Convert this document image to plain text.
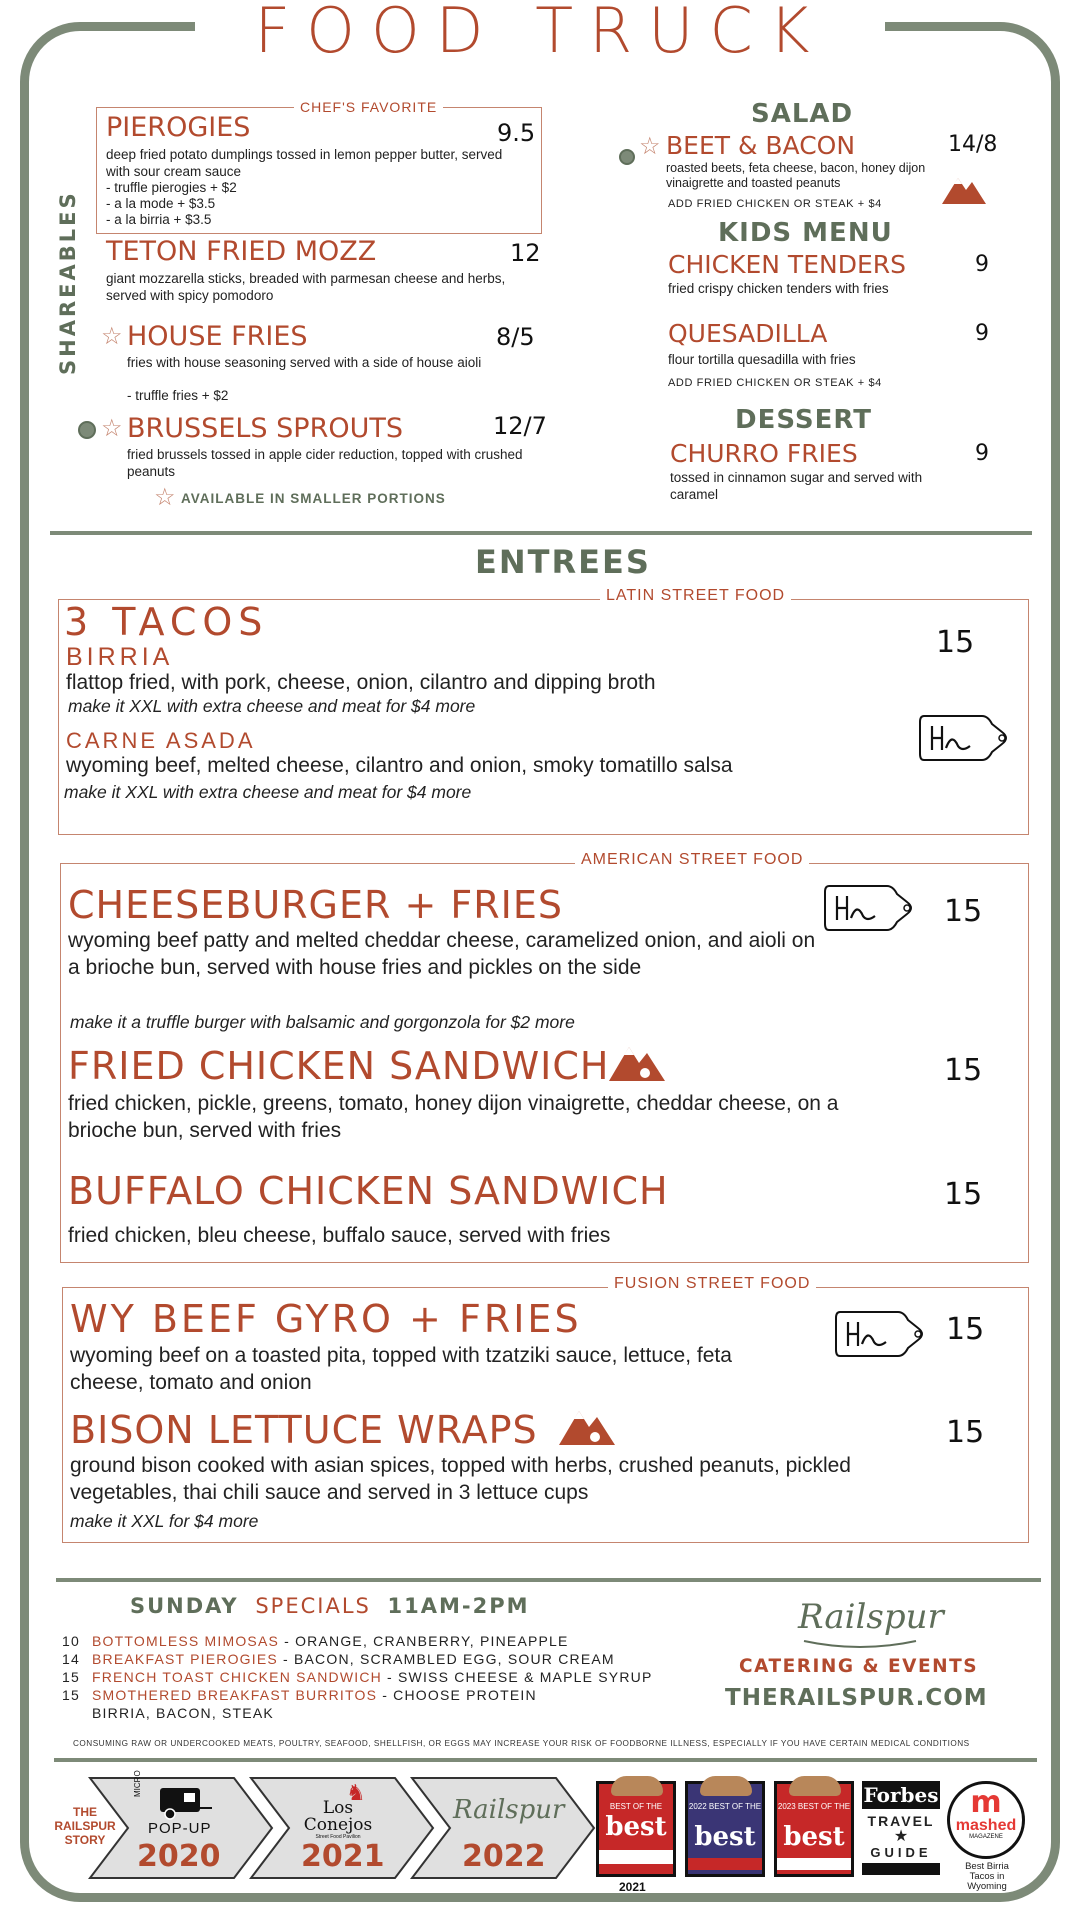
FOOD TRUCK
SHAREABLES
CHEF'S FAVORITE
PIEROGIES	9.5
deep fried potato dumplings tossed in lemon pepper butter, served with sour cream sauce
- truffle pierogies + $2
- a la mode + $3.5
- a la birria + $3.5
TETON FRIED MOZZ	12
giant mozzarella sticks, breaded with parmesan cheese and herbs, served with spicy pomodoro
☆ HOUSE FRIES	8/5
fries with house seasoning served with a side of house aioli
- truffle fries + $2
☆ BRUSSELS SPROUTS	12/7
fried brussels tossed in apple cider reduction, topped with crushed peanuts
☆ AVAILABLE IN SMALLER PORTIONS
SALAD
☆ BEET & BACON	14/8
roasted beets, feta cheese, bacon, honey dijon vinaigrette and toasted peanuts
ADD FRIED CHICKEN OR STEAK + $4
KIDS MENU
CHICKEN TENDERS	9
fried crispy chicken tenders with fries
QUESADILLA	9
flour tortilla quesadilla with fries
ADD FRIED CHICKEN OR STEAK + $4
DESSERT
CHURRO FRIES	9
tossed in cinnamon sugar and served with caramel
ENTREES
LATIN STREET FOOD
3 TACOS	15
BIRRIA
flattop fried, with pork, cheese, onion, cilantro and dipping broth
make it XXL with extra cheese and meat for $4 more
CARNE ASADA
wyoming beef, melted cheese, cilantro and onion, smoky tomatillo salsa
make it XXL with extra cheese and meat for $4 more
AMERICAN STREET FOOD
CHEESEBURGER + FRIES	15
wyoming beef patty and melted cheddar cheese, caramelized onion, and aioli on a brioche bun, served with house fries and pickles on the side
make it a truffle burger with balsamic and gorgonzola for $2 more
FRIED CHICKEN SANDWICH	15
fried chicken, pickle, greens, tomato, honey dijon vinaigrette, cheddar cheese, on a brioche bun, served with fries
BUFFALO CHICKEN SANDWICH	15
fried chicken, bleu cheese, buffalo sauce, served with fries
FUSION STREET FOOD
WY BEEF GYRO + FRIES	15
wyoming beef on a toasted pita, topped with tzatziki sauce, lettuce, feta cheese, tomato and onion
BISON LETTUCE WRAPS	15
ground bison cooked with asian spices, topped with herbs, crushed peanuts, pickled vegetables, thai chili sauce and served in 3 lettuce cups
make it XXL for $4 more
SUNDAY SPECIALS 11AM-2PM
10 BOTTOMLESS MIMOSAS - ORANGE, CRANBERRY, PINEAPPLE
14 BREAKFAST PIEROGIES - BACON, SCRAMBLED EGG, SOUR CREAM
15 FRENCH TOAST CHICKEN SANDWICH - SWISS CHEESE & MAPLE SYRUP
15 SMOTHERED BREAKFAST BURRITOS - CHOOSE PROTEIN
BIRRIA, BACON, STEAK
Railspur
CATERING & EVENTS
THERAILSPUR.COM
CONSUMING RAW OR UNDERCOOKED MEATS, POULTRY, SEAFOOD, SHELLFISH, OR EGGS MAY INCREASE YOUR RISK OF FOODBORNE ILLNESS, ESPECIALLY IF YOU HAVE CERTAIN MEDICAL CONDITIONS
THE RAILSPUR STORY
MICRO
POP-UP
2020
Los Conejos
♞
Street Food Pavilion
2021
Railspur
2022
BEST OF THE
best
2021
2022 BEST OF THE
best
2023 BEST OF THE
best
Forbes
TRAVEL
★
GUIDE
m
mashed
MAGAZENE
Best Birria Tacos in Wyoming
